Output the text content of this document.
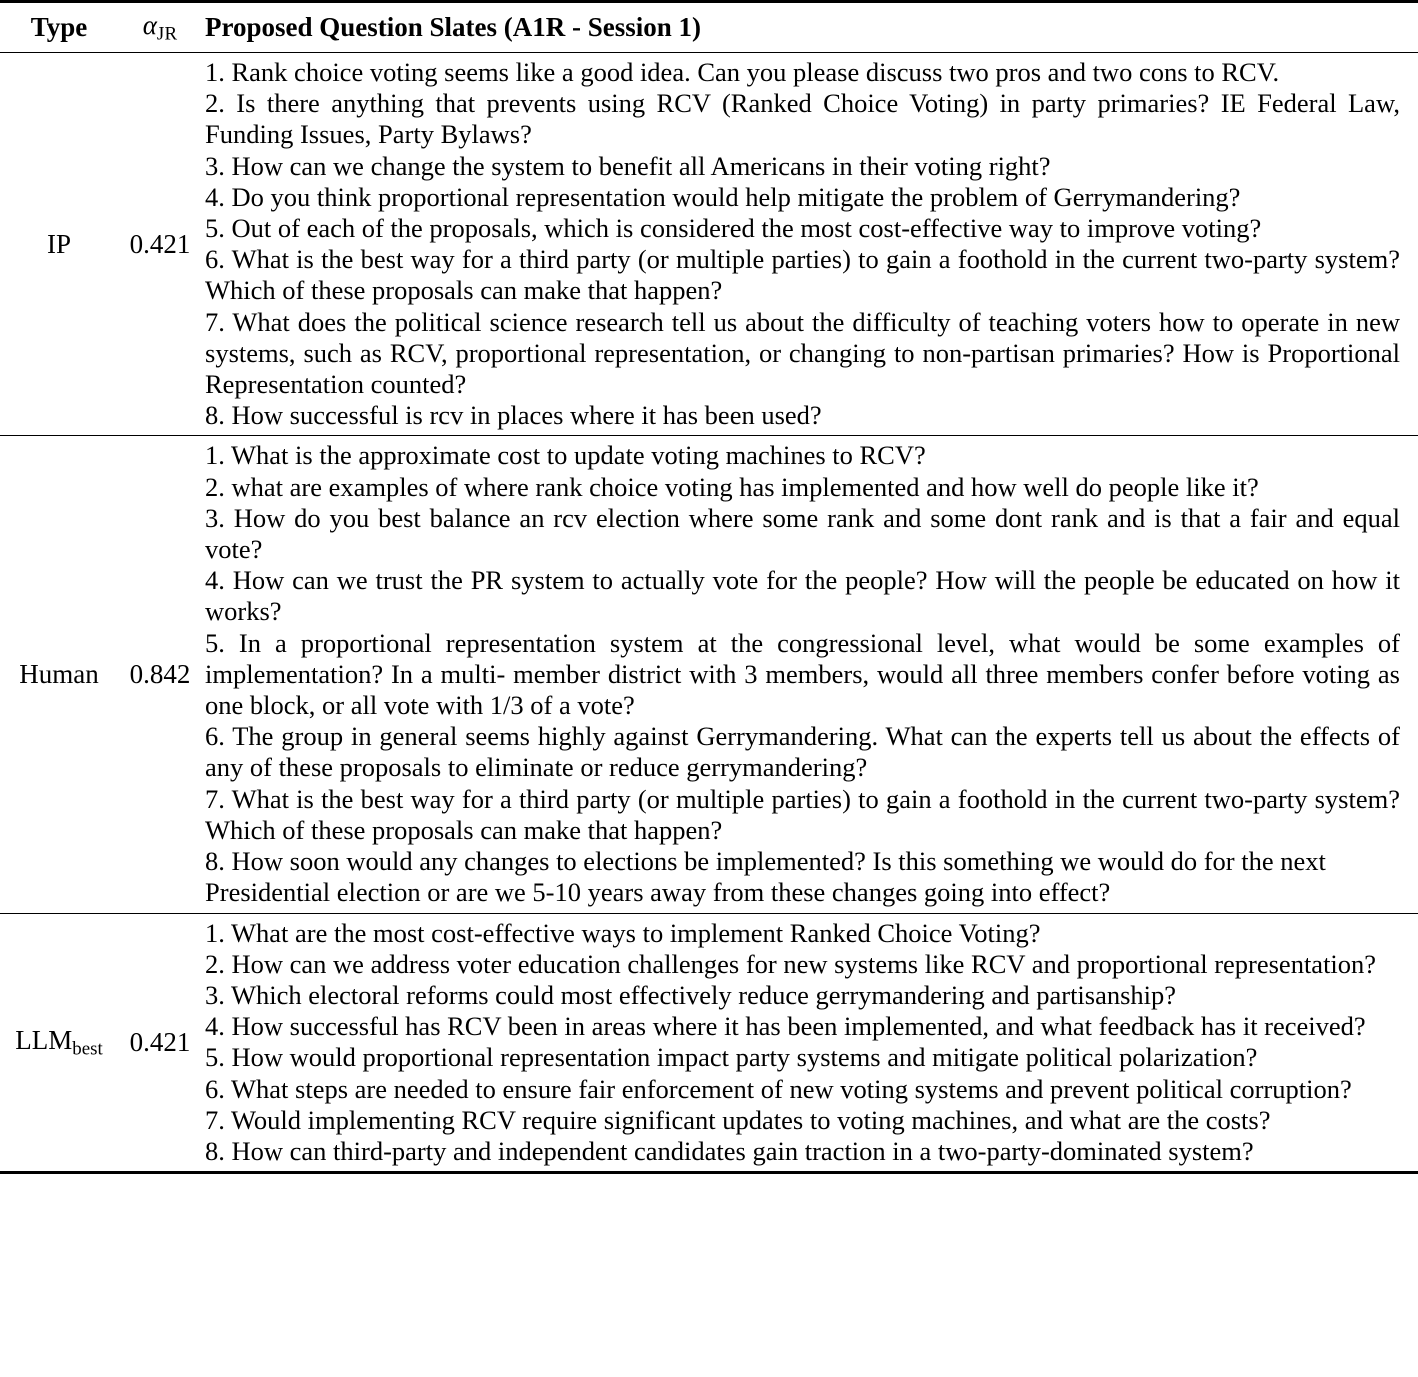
Type	αJR	Proposed Question Slates (A1R - Session 1)
IP	0.421
1. Rank choice voting seems like a good idea. Can you please discuss two pros and two cons to RCV.
2. Is there anything that prevents using RCV (Ranked Choice Voting) in party primaries? IE Federal Law, Funding Issues, Party Bylaws?
3. How can we change the system to benefit all Americans in their voting right?
4. Do you think proportional representation would help mitigate the problem of Gerrymandering?
5. Out of each of the proposals, which is considered the most cost-effective way to improve voting?
6. What is the best way for a third party (or multiple parties) to gain a foothold in the current two-party system? Which of these proposals can make that happen?
7. What does the political science research tell us about the difficulty of teaching voters how to operate in new systems, such as RCV, proportional representation, or changing to non-partisan primaries? How is Proportional Representation counted?
8. How successful is rcv in places where it has been used?
Human	0.842
1. What is the approximate cost to update voting machines to RCV?
2. what are examples of where rank choice voting has implemented and how well do people like it?
3. How do you best balance an rcv election where some rank and some dont rank and is that a fair and equal vote?
4. How can we trust the PR system to actually vote for the people? How will the people be educated on how it works?
5. In a proportional representation system at the congressional level, what would be some examples of implementation? In a multi- member district with 3 members, would all three members confer before voting as one block, or all vote with 1/3 of a vote?
6. The group in general seems highly against Gerrymandering. What can the experts tell us about the effects of any of these proposals to eliminate or reduce gerrymandering?
7. What is the best way for a third party (or multiple parties) to gain a foothold in the current two-party system? Which of these proposals can make that happen?
8. How soon would any changes to elections be implemented? Is this something we would do for the next Presidential election or are we 5-10 years away from these changes going into effect?
LLMbest 0.421
1. What are the most cost-effective ways to implement Ranked Choice Voting?
2. How can we address voter education challenges for new systems like RCV and proportional representation?
3. Which electoral reforms could most effectively reduce gerrymandering and partisanship?
4. How successful has RCV been in areas where it has been implemented, and what feedback has it received?
5. How would proportional representation impact party systems and mitigate political polarization?
6. What steps are needed to ensure fair enforcement of new voting systems and prevent political corruption?
7. Would implementing RCV require significant updates to voting machines, and what are the costs?
8. How can third-party and independent candidates gain traction in a two-party-dominated system?
